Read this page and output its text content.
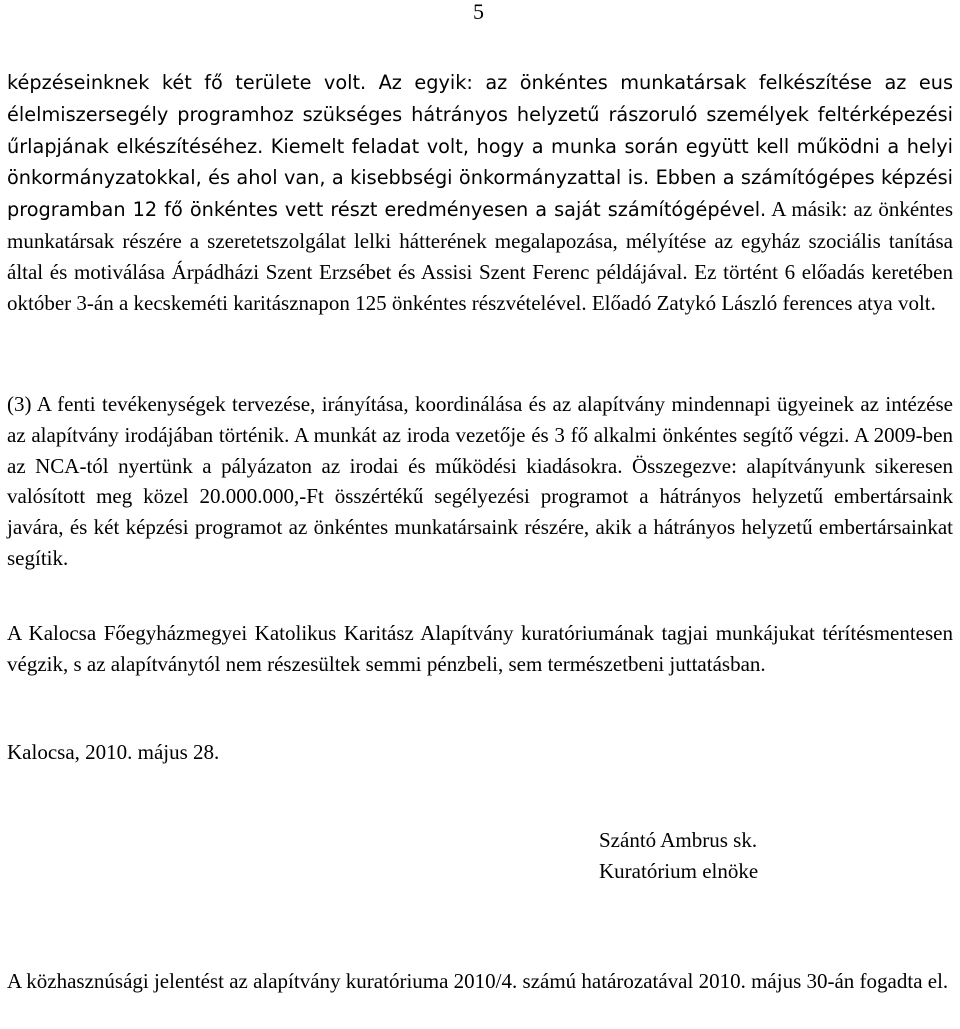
5

képzéseinknek két fő területe volt. Az egyik: az önkéntes munkatársak felkészítése az eus élelmiszersegély programhoz szükséges hátrányos helyzetű rászoruló személyek feltérképezési űrlapjának elkészítéséhez. Kiemelt feladat volt, hogy a munka során együtt kell működni a helyi önkormányzatokkal, és ahol van, a kisebbségi önkormányzattal is. Ebben a számítógépes képzési programban 12 fő önkéntes vett részt eredményesen a saját számítógépével. A másik: az önkéntes munkatársak részére a szeretetszolgálat lelki hátterének megalapozása, mélyítése az egyház szociális tanítása által és motiválása Árpádházi Szent Erzsébet és Assisi Szent Ferenc példájával. Ez történt 6 előadás keretében október 3-án a kecskeméti karitásznapon 125 önkéntes részvételével. Előadó Zatykó László ferences atya volt.

(3) A fenti tevékenységek tervezése, irányítása, koordinálása és az alapítvány mindennapi ügyeinek az intézése az alapítvány irodájában történik. A munkát az iroda vezetője és 3 fő alkalmi önkéntes segítő végzi. A 2009-ben az NCA-tól nyertünk a pályázaton az irodai és működési kiadásokra. Összegezve: alapítványunk sikeresen valósított meg közel 20.000.000,-Ft összértékű segélyezési programot a hátrányos helyzetű embertársaink javára, és két képzési programot az önkéntes munkatársaink részére, akik a hátrányos helyzetű embertársainkat segítik.

A Kalocsa Főegyházmegyei Katolikus Karitász Alapítvány kuratóriumának tagjai munkájukat térítésmentesen végzik, s az alapítványtól nem részesültek semmi pénzbeli, sem természetbeni juttatásban.

Kalocsa, 2010. május 28.

Szántó Ambrus sk.
Kuratórium elnöke

A közhasznúsági jelentést az alapítvány kuratóriuma 2010/4. számú határozatával 2010. május 30-án fogadta el.
